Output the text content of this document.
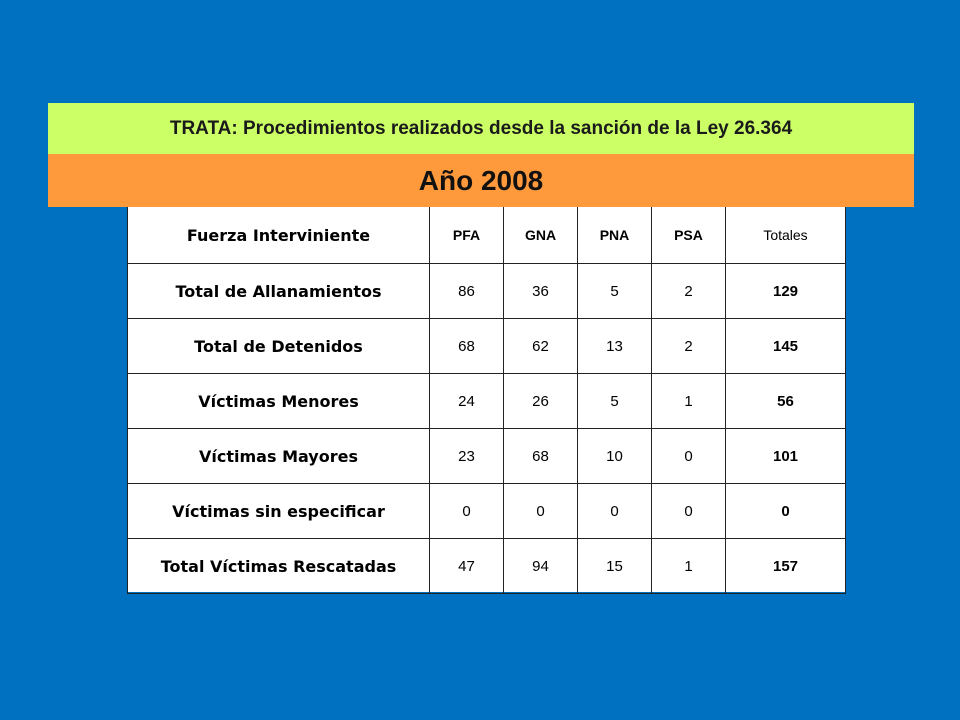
TRATA: Procedimientos realizados desde la sanción de la Ley 26.364
Año 2008
Fuerza Interviniente	PFA	GNA	PNA	PSA	Totales
Total de Allanamientos	86	36	5	2	129
Total de Detenidos	68	62	13	2	145
Víctimas Menores	24	26	5	1	56
Víctimas Mayores	23	68	10	0	101
Víctimas sin especificar	0	0	0	0	0
Total Víctimas Rescatadas	47	94	15	1	157
